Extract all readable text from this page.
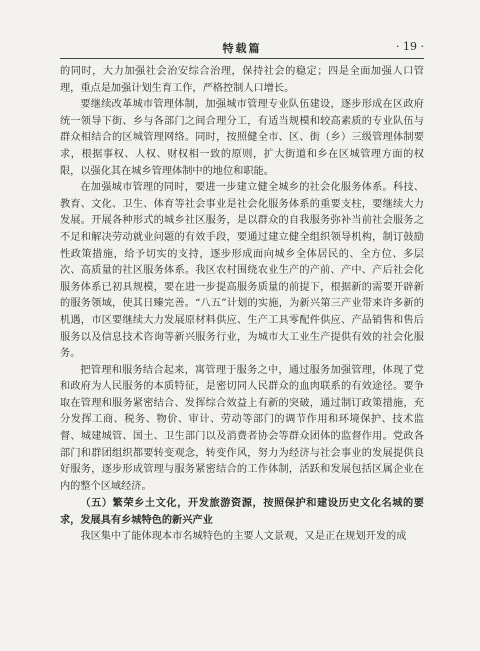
特载篇	· 19 ·

的同时，大力加强社会治安综合治理，保持社会的稳定；四是全面加强人口管理，重点是加强计划生育工作，严格控制人口增长。

要继续改革城市管理体制，加强城市管理专业队伍建设，逐步形成在区政府统一领导下街、乡与各部门之间合理分工，有适当规模和较高素质的专业队伍与群众相结合的区城管理网络。同时，按照健全市、区、街（乡）三级管理体制要求，根据事权、人权、财权相一致的原则，扩大街道和乡在区城管理方面的权限，以强化其在城乡管理体制中的地位和职能。

在加强城市管理的同时，要进一步建立健全城乡的社会化服务体系。科技、教育、文化、卫生、体育等社会事业是社会化服务体系的重要支柱，要继续大力发展。开展各种形式的城乡社区服务，是以群众的自我服务弥补当前社会服务之不足和解决劳动就业问题的有效手段，要通过建立健全组织领导机构，制订鼓励性政策措施，给予切实的支持，逐步形成面向城乡全体居民的、全方位、多层次、高质量的社区服务体系。我区农村围绕农业生产的产前、产中、产后社会化服务体系已初具规模，要在进一步提高服务质量的前提下，根据新的需要开辟新的服务领域，使其日臻完善。“八五”计划的实施，为新兴第三产业带来许多新的机遇，市区要继续大力发展原材料供应、生产工具零配件供应、产品销售和售后服务以及信息技术咨询等新兴服务行业，为城市大工业生产提供有效的社会化服务。

把管理和服务结合起来，寓管理于服务之中，通过服务加强管理，体现了党和政府为人民服务的本质特征，是密切同人民群众的血肉联系的有效途径。要争取在管理和服务紧密结合、发挥综合效益上有新的突破，通过制订政策措施，充分发挥工商、税务、物价、审计、劳动等部门的调节作用和环境保护、技术监督、城建城管、国土、卫生部门以及消费者协会等群众团体的监督作用。党政各部门和群团组织都要转变观念，转变作风，努力为经济与社会事业的发展提供良好服务，逐步形成管理与服务紧密结合的工作体制，活跃和发展包括区属企业在内的整个区域经济。

（五）繁荣乡土文化，开发旅游资源，按照保护和建设历史文化名城的要求，发展具有乡城特色的新兴产业

我区集中了能体现本市名城特色的主要人文景观，又是正在规划开发的成
